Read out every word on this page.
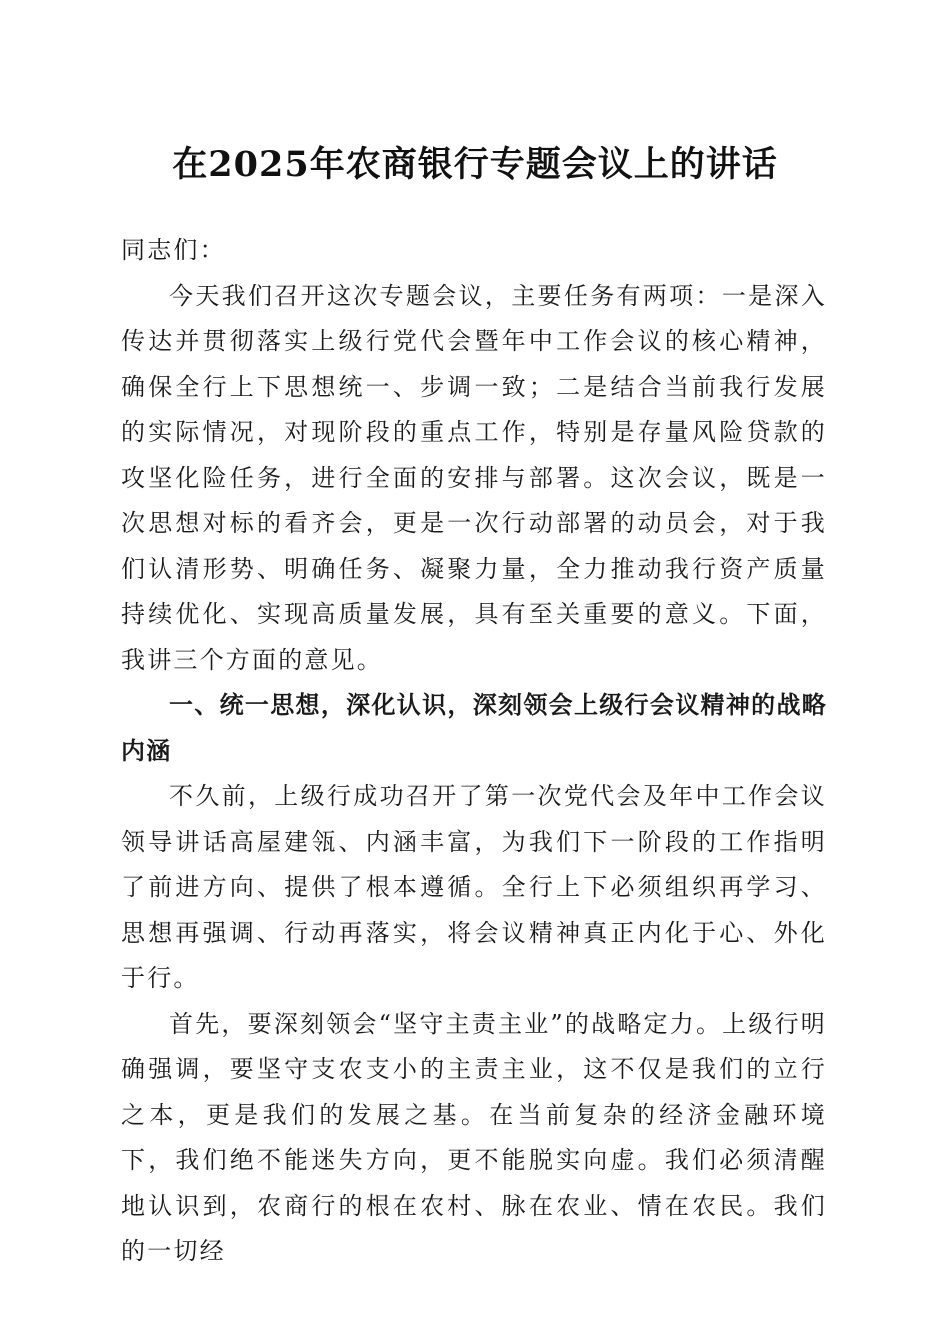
在2025年农商银行专题会议上的讲话

同志们：

今天我们召开这次专题会议，主要任务有两项：一是深入传达并贯彻落实上级行党代会暨年中工作会议的核心精神，确保全行上下思想统一、步调一致；二是结合当前我行发展的实际情况，对现阶段的重点工作，特别是存量风险贷款的攻坚化险任务，进行全面的安排与部署。这次会议，既是一次思想对标的看齐会，更是一次行动部署的动员会，对于我们认清形势、明确任务、凝聚力量，全力推动我行资产质量持续优化、实现高质量发展，具有至关重要的意义。下面，我讲三个方面的意见。

一、统一思想，深化认识，深刻领会上级行会议精神的战略内涵

不久前，上级行成功召开了第一次党代会及年中工作会议领导讲话高屋建瓴、内涵丰富，为我们下一阶段的工作指明了前进方向、提供了根本遵循。全行上下必须组织再学习、思想再强调、行动再落实，将会议精神真正内化于心、外化于行。

首先，要深刻领会“坚守主责主业”的战略定力。上级行明确强调，要坚守支农支小的主责主业，这不仅是我们的立行之本，更是我们的发展之基。在当前复杂的经济金融环境下，我们绝不能迷失方向，更不能脱实向虚。我们必须清醒地认识到，农商行的根在农村、脉在农业、情在农民。我们的一切经
